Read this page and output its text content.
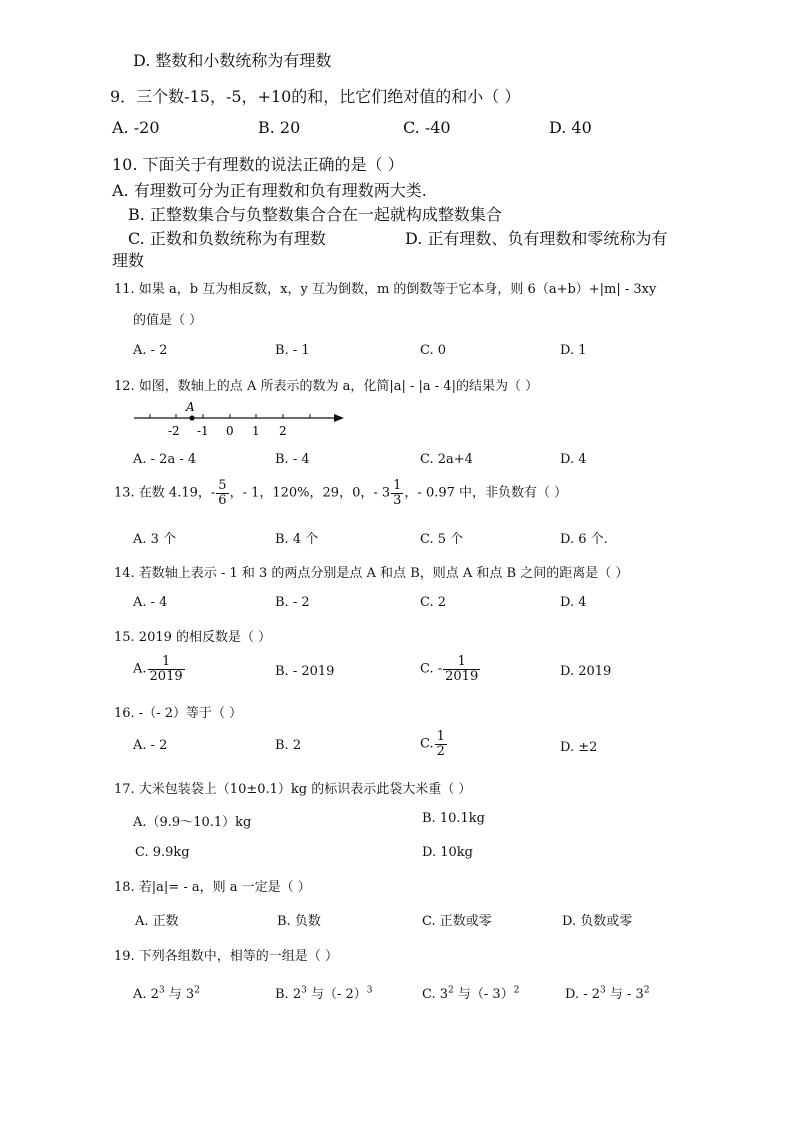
D. 整数和小数统称为有理数
9．三个数-15，-5，+10的和，比它们绝对值的和小（ ）
A. -20	B. 20	C. -40	D. 40
10. 下面关于有理数的说法正确的是（ ）
A. 有理数可分为正有理数和负有理数两大类.
B. 正整数集合与负整数集合合在一起就构成整数集合
C. 正数和负数统称为有理数	D. 正有理数、负有理数和零统称为有
理数
11. 如果 a，b 互为相反数，x，y 互为倒数，m 的倒数等于它本身，则 6（a+b）+|m| - 3xy
的值是（ ）
A. - 2	B. - 1	C. 0	D. 1
12. 如图，数轴上的点 A 所表示的数为 a，化简|a| - |a - 4|的结果为（ ）
A
-2 -1 0 1 2
A. - 2a - 4	B. - 4	C. 2a+4	D. 4
13. 在数 4.19，- $\frac{5}{6}$ ，- 1，120%，29，0，- $3 \frac{1}{3}$ ，- 0.97 中，非负数有（ ）
A. 3 个	B. 4 个	C. 5 个	D. 6 个.
14. 若数轴上表示 - 1 和 3 的两点分别是点 A 和点 B，则点 A 和点 B 之间的距离是（ ）
A. - 4	B. - 2	C. 2	D. 4
15. 2019 的相反数是（ ）
A. $\frac{1}{2019}$	B. - 2019	C. - $\frac{1}{2019}$	D. 2019
16. -（- 2）等于（ ）
A. - 2	B. 2	C. $\frac{1}{2}$	D. ±2
17. 大米包装袋上（10±0.1）kg 的标识表示此袋大米重（ ）
A.（9.9～10.1）kg	B. 10.1kg
C. 9.9kg	D. 10kg
18. 若|a|= - a，则 a 一定是（ ）
A. 正数	B. 负数	C. 正数或零	D. 负数或零
19. 下列各组数中，相等的一组是（ ）
A. $2^3$ 与 $3^2$	B. $2^3$ 与（- 2）$^3$	C. $3^2$ 与（- 3）$^2$	D. - $2^3$ 与 - $3^2$
